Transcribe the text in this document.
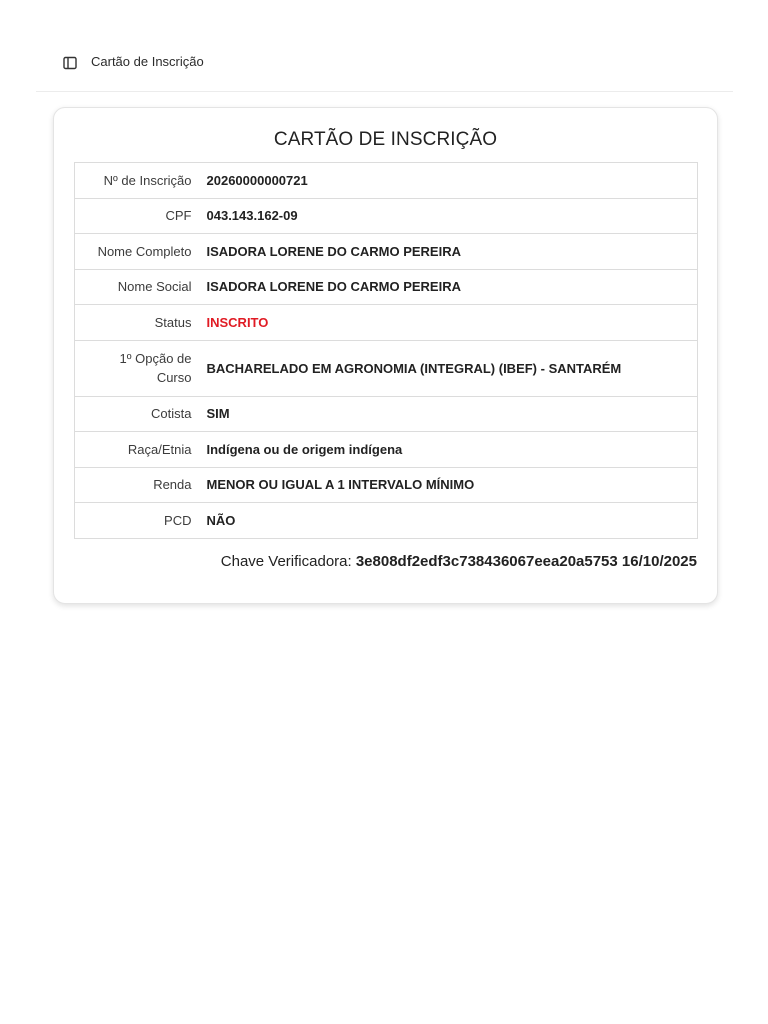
Cartão de Inscrição
CARTÃO DE INSCRIÇÃO
Nº de Inscrição	20260000000721
CPF	043.143.162-09
Nome Completo	ISADORA LORENE DO CARMO PEREIRA
Nome Social	ISADORA LORENE DO CARMO PEREIRA
Status	INSCRITO
1º Opção de Curso	BACHARELADO EM AGRONOMIA (INTEGRAL) (IBEF) - SANTARÉM
Cotista	SIM
Raça/Etnia	Indígena ou de origem indígena
Renda	MENOR OU IGUAL A 1 INTERVALO MÍNIMO
PCD	NÃO
Chave Verificadora: 3e808df2edf3c738436067eea20a5753 16/10/2025
